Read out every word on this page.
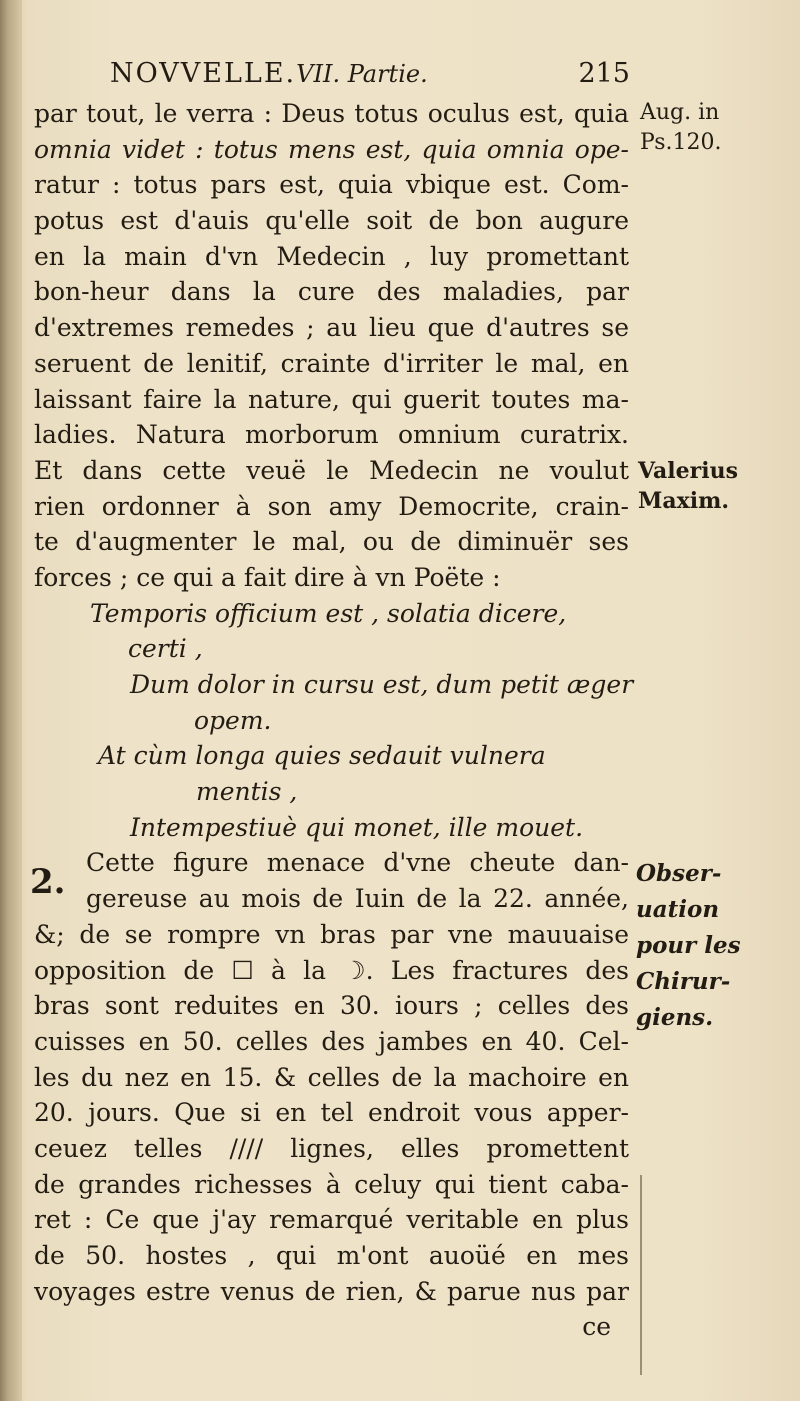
NOVVELLE.VII. Partie.	215
par tout, le verra : Deus totus oculus est, quia
omnia videt : totus mens est, quia omnia ope-
ratur : totus pars est, quia vbique est. Com-
potus est d'auis qu'elle soit de bon augure
en la main d'vn Medecin , luy promettant
bon-heur dans la cure des maladies, par
d'extremes remedes ; au lieu que d'autres se
seruent de lenitif, crainte d'irriter le mal, en
laissant faire la nature, qui guerit toutes ma-
ladies. Natura morborum omnium curatrix.
Et dans cette veuë le Medecin ne voulut
rien ordonner à son amy Democrite, crain-
te d'augmenter le mal, ou de diminuër ses
forces ; ce qui a fait dire à vn Poëte :
Temporis officium est , solatia dicere,
certi ,
Dum dolor in cursu est, dum petit æger
opem.
At cùm longa quies sedauit vulnera
mentis ,
Intempestiuè qui monet, ille mouet.
Cette figure menace d'vne cheute dan-
gereuse au mois de Iuin de la 22. année,
&; de se rompre vn bras par vne mauuaise
opposition de ☐ à la ☽. Les fractures des
bras sont reduites en 30. iours ; celles des
cuisses en 50. celles des jambes en 40. Cel-
les du nez en 15. & celles de la machoire en
20. jours. Que si en tel endroit vous apper-
ceuez telles //// lignes, elles promettent
de grandes richesses à celuy qui tient caba-
ret : Ce que j'ay remarqué veritable en plus
de 50. hostes , qui m'ont auoüé en mes
voyages estre venus de rien, & parue nus par
ce
2.
Aug. in
Ps.120.
Valerius
Maxim.
Obser-
uation
pour les
Chirur-
giens.
